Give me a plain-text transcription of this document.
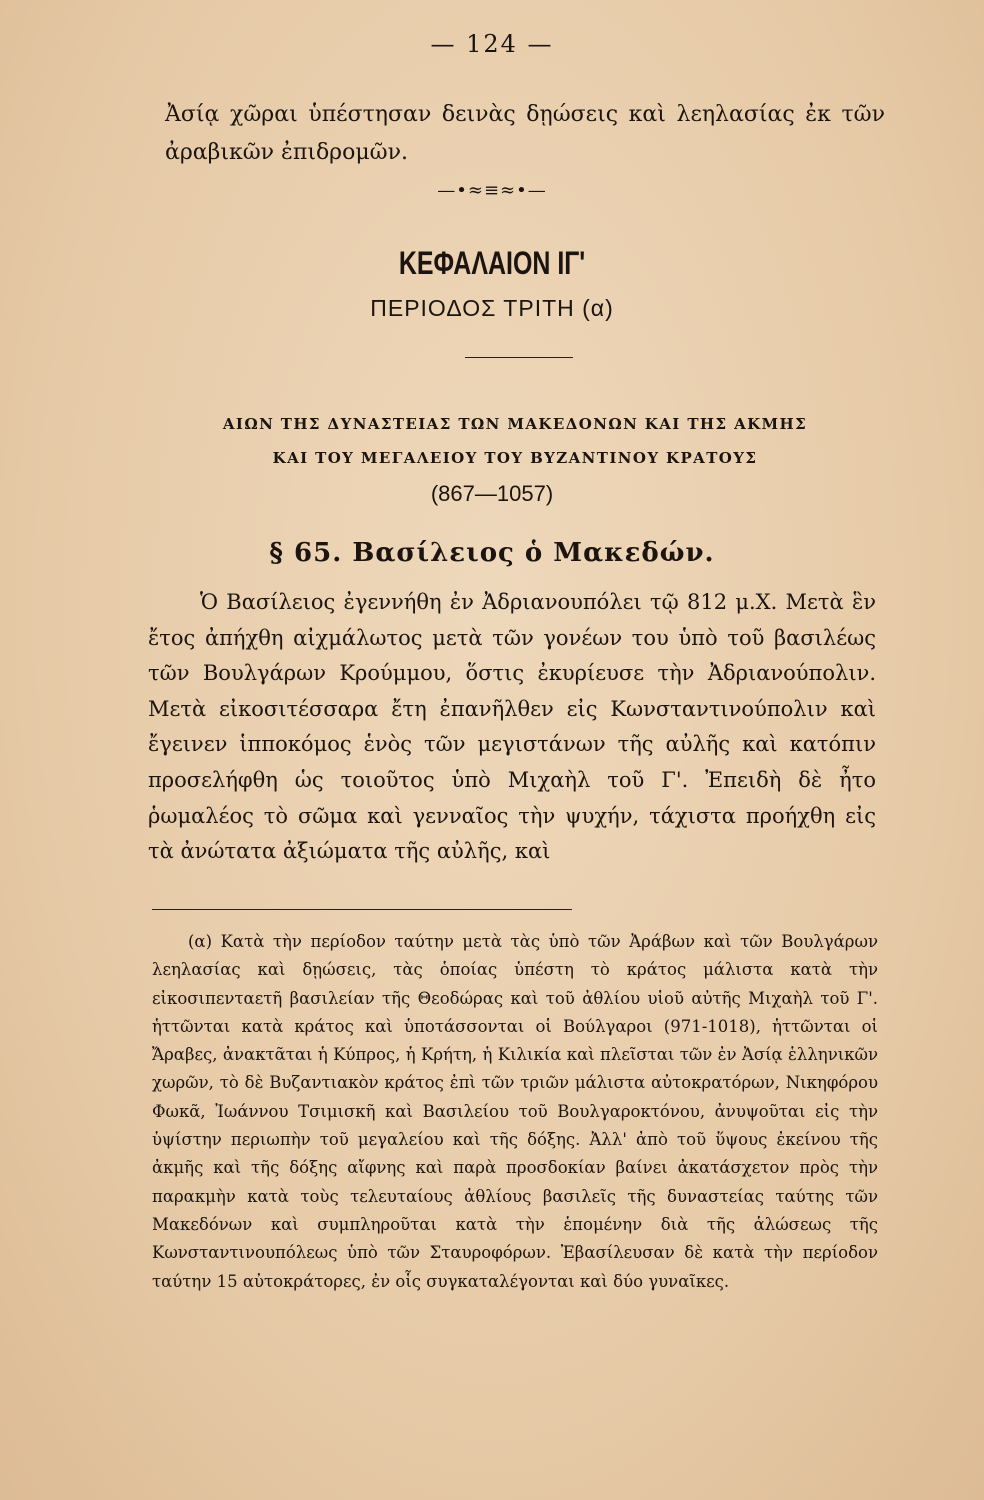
— 124 —
Ἀσίᾳ χῶραι ὑπέστησαν δεινὰς δῃώσεις καὶ λεηλασίας ἐκ τῶν ἀραβικῶν ἐπιδρομῶν.
—•≈≡≈•—
ΚΕΦΑΛΑΙΟΝ ΙΓ'
ΠΕΡΙΟΔΟΣ ΤΡΙΤΗ (α)
ΑΙΩΝ ΤΗΣ ΔΥΝΑΣΤΕΙΑΣ ΤΩΝ ΜΑΚΕΔΟΝΩΝ ΚΑΙ ΤΗΣ ΑΚΜΗΣ
ΚΑΙ ΤΟΥ ΜΕΓΑΛΕΙΟΥ ΤΟΥ ΒΥΖΑΝΤΙΝΟΥ ΚΡΑΤΟΥΣ
(867—1057)
§ 65. Βασίλειος ὁ Μακεδών.

Ὁ Βασίλειος ἐγεννήθη ἐν Ἀδριανουπόλει τῷ 812 μ.Χ. Μετὰ ἓν ἔτος ἀπήχθη αἰχμάλωτος μετὰ τῶν γονέων του ὑπὸ τοῦ βασιλέως τῶν Βουλγάρων Κρούμμου, ὅστις ἐκυρίευσε τὴν Ἀδριανούπολιν. Μετὰ εἰκοσιτέσσαρα ἔτη ἐπανῆλθεν εἰς Κωνσταντινούπολιν καὶ ἔγεινεν ἱπποκόμος ἑνὸς τῶν μεγιστάνων τῆς αὐλῆς καὶ κατόπιν προσελήφθη ὡς τοιοῦτος ὑπὸ Μιχαὴλ τοῦ Γ'. Ἐπειδὴ δὲ ἦτο ῥωμαλέος τὸ σῶμα καὶ γενναῖος τὴν ψυχήν, τάχιστα προήχθη εἰς τὰ ἀνώτατα ἀξιώματα τῆς αὐλῆς, καὶ

(α) Κατὰ τὴν περίοδον ταύτην μετὰ τὰς ὑπὸ τῶν Ἀράβων καὶ τῶν Βουλγάρων λεηλασίας καὶ δῃώσεις, τὰς ὁποίας ὑπέστη τὸ κράτος μάλιστα κατὰ τὴν εἰκοσιπενταετῆ βασιλείαν τῆς Θεοδώρας καὶ τοῦ ἀθλίου υἱοῦ αὐτῆς Μιχαὴλ τοῦ Γ'. ἡττῶνται κατὰ κράτος καὶ ὑποτάσσονται οἱ Βούλγαροι (971-1018), ἡττῶνται οἱ Ἄραβες, ἀνακτᾶται ἡ Κύπρος, ἡ Κρήτη, ἡ Κιλικία καὶ πλεῖσται τῶν ἐν Ἀσίᾳ ἑλληνικῶν χωρῶν, τὸ δὲ Βυζαντιακὸν κράτος ἐπὶ τῶν τριῶν μάλιστα αὐτοκρατόρων, Νικηφόρου Φωκᾶ, Ἰωάννου Τσιμισκῆ καὶ Βασιλείου τοῦ Βουλγαροκτόνου, ἀνυψοῦται εἰς τὴν ὑψίστην περιωπὴν τοῦ μεγαλείου καὶ τῆς δόξης. Ἀλλ' ἀπὸ τοῦ ὕψους ἐκείνου τῆς ἀκμῆς καὶ τῆς δόξης αἴφνης καὶ παρὰ προσδοκίαν βαίνει ἀκατάσχετον πρὸς τὴν παρακμὴν κατὰ τοὺς τελευταίους ἀθλίους βασιλεῖς τῆς δυναστείας ταύτης τῶν Μακεδόνων καὶ συμπληροῦται κατὰ τὴν ἑπομένην διὰ τῆς ἁλώσεως τῆς Κωνσταντινουπόλεως ὑπὸ τῶν Σταυροφόρων. Ἐβασίλευσαν δὲ κατὰ τὴν περίοδον ταύτην 15 αὐτοκράτορες, ἐν οἷς συγκαταλέγονται καὶ δύο γυναῖκες.
